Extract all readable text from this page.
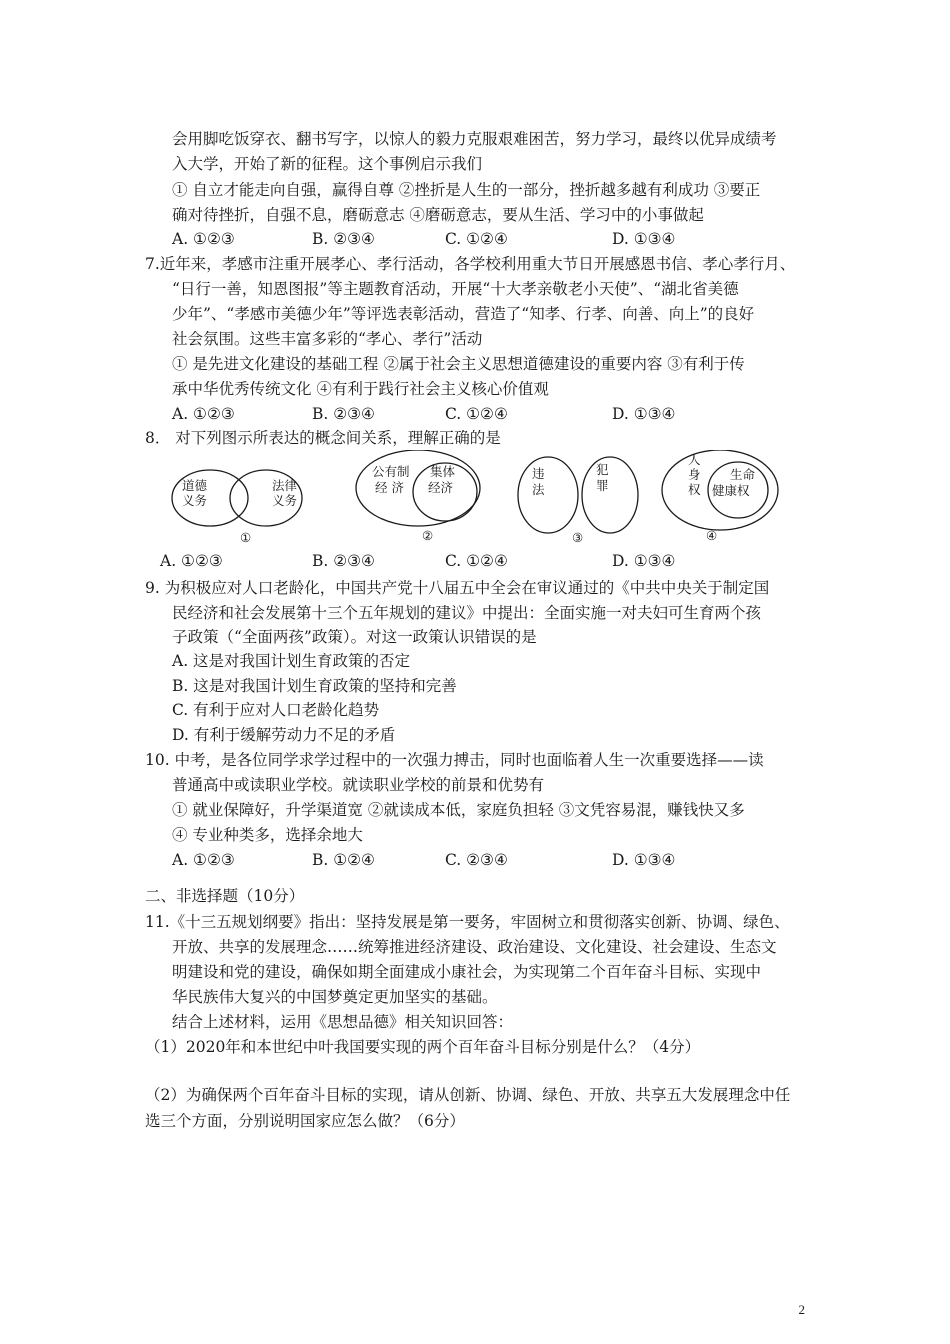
会用脚吃饭穿衣、翻书写字，以惊人的毅力克服艰难困苦，努力学习，最终以优异成绩考
入大学，开始了新的征程。这个事例启示我们
① 自立才能走向自强，赢得自尊 ②挫折是人生的一部分，挫折越多越有利成功 ③要正
确对待挫折，自强不息，磨砺意志 ④磨砺意志，要从生活、学习中的小事做起
A. ①②③	B. ②③④	C. ①②④	D. ①③④
7.近年来，孝感市注重开展孝心、孝行活动，各学校利用重大节日开展感恩书信、孝心孝行月、
“日行一善，知恩图报”等主题教育活动，开展“十大孝亲敬老小天使”、“湖北省美德
少年”、“孝感市美德少年”等评选表彰活动，营造了“知孝、行孝、向善、向上”的良好
社会氛围。这些丰富多彩的“孝心、孝行”活动
① 是先进文化建设的基础工程 ②属于社会主义思想道德建设的重要内容 ③有利于传
承中华优秀传统文化 ④有利于践行社会主义核心价值观
A. ①②③	B. ②③④	C. ①②④	D. ①③④
8． 对下列图示所表达的概念间关系，理解正确的是
道德
义务
法律
义务
①
公有制
经 济
集体
经济
②
违
法
犯
罪
③
人
身
权
生命
健康权
④
A. ①②③	B. ②③④	C. ①②④	D. ①③④
9. 为积极应对人口老龄化，中国共产党十八届五中全会在审议通过的《中共中央关于制定国
民经济和社会发展第十三个五年规划的建议》中提出：全面实施一对夫妇可生育两个孩
子政策（“全面两孩”政策）。对这一政策认识错误的是
A. 这是对我国计划生育政策的否定
B. 这是对我国计划生育政策的坚持和完善
C. 有利于应对人口老龄化趋势
D. 有利于缓解劳动力不足的矛盾
10. 中考，是各位同学求学过程中的一次强力搏击，同时也面临着人生一次重要选择——读
普通高中或读职业学校。就读职业学校的前景和优势有
① 就业保障好，升学渠道宽 ②就读成本低，家庭负担轻 ③文凭容易混，赚钱快又多
④ 专业种类多，选择余地大
A. ①②③	B. ①②④	C. ②③④	D. ①③④
二、非选择题（10分）
11.《十三五规划纲要》指出：坚持发展是第一要务，牢固树立和贯彻落实创新、协调、绿色、
开放、共享的发展理念……统筹推进经济建设、政治建设、文化建设、社会建设、生态文
明建设和党的建设，确保如期全面建成小康社会，为实现第二个百年奋斗目标、实现中
华民族伟大复兴的中国梦奠定更加坚实的基础。
结合上述材料，运用《思想品德》相关知识回答：
（1）2020年和本世纪中叶我国要实现的两个百年奋斗目标分别是什么？（4分）
（2）为确保两个百年奋斗目标的实现，请从创新、协调、绿色、开放、共享五大发展理念中任
选三个方面，分别说明国家应怎么做？（6分）
2
